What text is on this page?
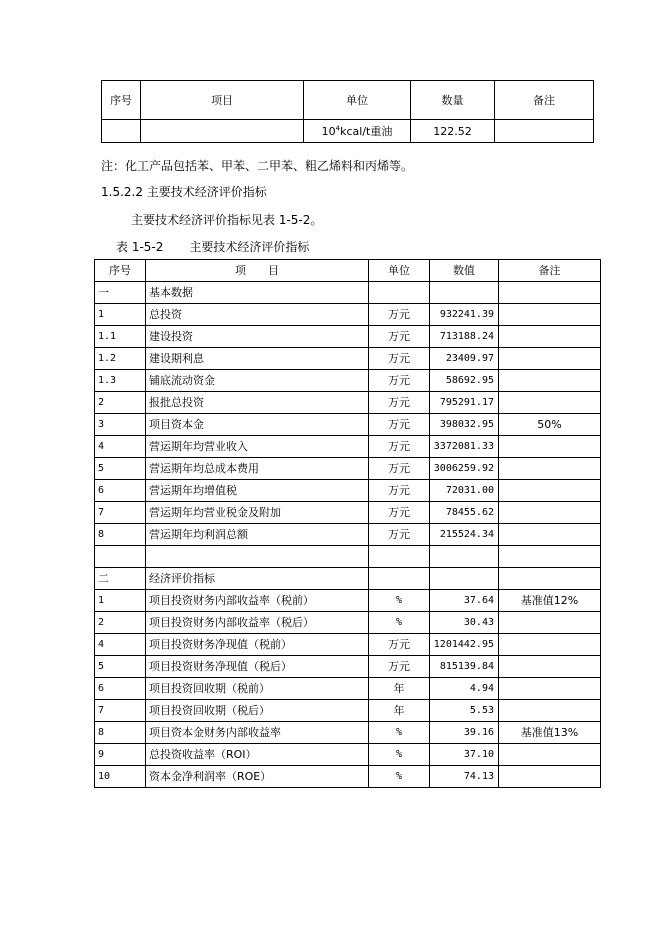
序号	项目	单位	数量	备注
		$10^4kcal/t$重油	122.52	
注：化工产品包括苯、甲苯、二甲苯、粗乙烯料和丙烯等。
1.5.2.2 主要技术经济评价指标
主要技术经济评价指标见表 1-5-2。
表 1-5-2 主要技术经济评价指标
序号	项　　目	单位	数值	备注
一	基本数据			
1	总投资	万元	932241.39	
1.1	建设投资	万元	713188.24	
1.2	建设期利息	万元	23409.97	
1.3	铺底流动资金	万元	58692.95	
2	报批总投资	万元	795291.17	
3	项目资本金	万元	398032.95	50%
4	营运期年均营业收入	万元	3372081.33	
5	营运期年均总成本费用	万元	3006259.92	
6	营运期年均增值税	万元	72031.00	
7	营运期年均营业税金及附加	万元	78455.62	
8	营运期年均利润总额	万元	215524.34	

二	经济评价指标			
1	项目投资财务内部收益率（税前）	%	37.64	基准值12%
2	项目投资财务内部收益率（税后）	%	30.43	
4	项目投资财务净现值（税前）	万元	1201442.95	
5	项目投资财务净现值（税后）	万元	815139.84	
6	项目投资回收期（税前）	年	4.94	
7	项目投资回收期（税后）	年	5.53	
8	项目资本金财务内部收益率	%	39.16	基准值13%
9	总投资收益率（ROI）	%	37.10	
10	资本金净利润率（ROE）	%	74.13	
